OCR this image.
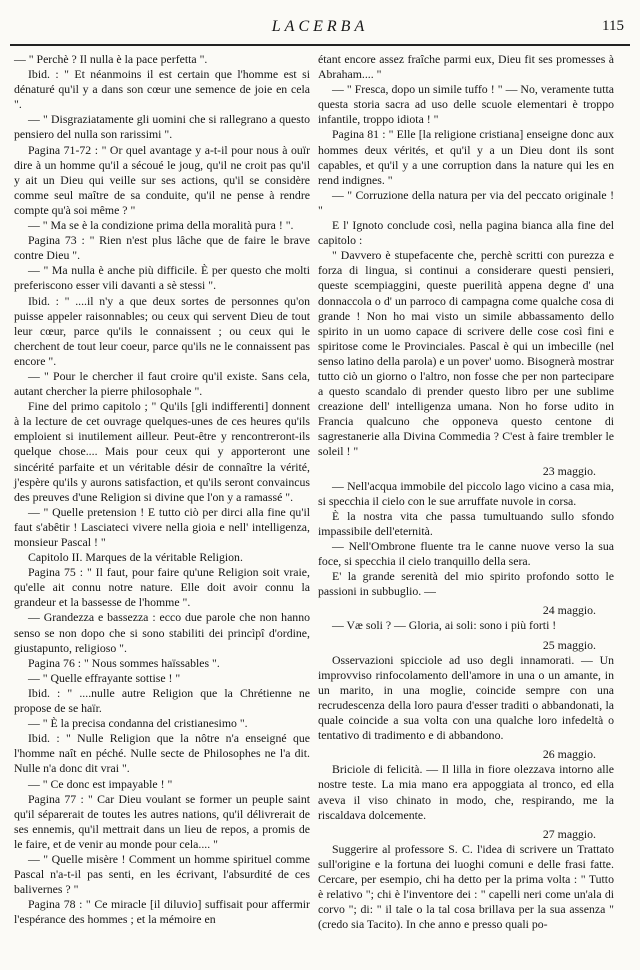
LACERBA	115

— " Perchè ? Il nulla è la pace perfetta ".

Ibid. : " Et néanmoins il est certain que l'homme est si dénaturé qu'il y a dans son cœur une semence de joie en cela ".

— " Disgraziatamente gli uomini che si rallegrano a questo pensiero del nulla son rarissimi ".

Pagina 71-72 : " Or quel avantage y a-t-il pour nous à ouïr dire à un homme qu'il a sécoué le joug, qu'il ne croit pas qu'il y ait un Dieu qui veille sur ses actions, qu'il se considère comme seul maître de sa conduite, qu'il ne pense à rendre compte qu'à soi même ? "

— " Ma se è la condizione prima della moralità pura ! ".

Pagina 73 : " Rien n'est plus lâche que de faire le brave contre Dieu ".

— " Ma nulla è anche più difficile. È per questo che molti preferiscono esser vili davanti a sè stessi ".

Ibid. : " ....il n'y a que deux sortes de personnes qu'on puisse appeler raisonnables; ou ceux qui servent Dieu de tout leur cœur, parce qu'ils le connaissent ; ou ceux qui le cherchent de tout leur coeur, parce qu'ils ne le connaissent pas encore ".

— " Pour le chercher il faut croire qu'il existe. Sans cela, autant chercher la pierre philosophale ".

Fine del primo capitolo ; " Qu'ils [gli indifferenti] donnent à la lecture de cet ouvrage quelques-unes de ces heures qu'ils emploient si inutilement ailleur. Peut-être y rencontreront-ils quelque chose.... Mais pour ceux qui y apporteront une sincérité parfaite et un véritable désir de connaître la vérité, j'espère qu'ils y aurons satisfaction, et qu'ils seront convaincus des preuves d'une Religion si divine que l'on y a ramassé ".

— " Quelle pretension ! E tutto ciò per dirci alla fine qu'il faut s'abêtir ! Lasciateci vivere nella gioia e nell' intelligenza, monsieur Pascal ! "

Capitolo II. Marques de la véritable Religion.

Pagina 75 : " Il faut, pour faire qu'une Religion soit vraie, qu'elle ait connu notre nature. Elle doit avoir connu la grandeur et la bassesse de l'homme ".

— Grandezza e bassezza : ecco due parole che non hanno senso se non dopo che si sono stabiliti dei princìpî d'ordine, giustapunto, religioso ".

Pagina 76 : " Nous sommes haïssables ".

— " Quelle effrayante sottise ! "

Ibid. : " ....nulle autre Religion que la Chrétienne ne propose de se haïr.

— " È la precisa condanna del cristianesimo ".

Ibid. : " Nulle Religion que la nôtre n'a enseigné que l'homme naît en péché. Nulle secte de Philosophes ne l'a dit. Nulle n'a donc dit vrai ".

— " Ce donc est impayable ! "

Pagina 77 : " Car Dieu voulant se former un peuple saint qu'il séparerait de toutes les autres nations, qu'il délivrerait de ses ennemis, qu'il mettrait dans un lieu de repos, a promis de le faire, et de venir au monde pour cela.... "

— " Quelle misère ! Comment un homme spirituel comme Pascal n'a-t-il pas senti, en les écrivant, l'absurdité de ces balivernes ? "

Pagina 78 : " Ce miracle [il diluvio] suffisait pour affermir l'espérance des hommes ; et la mémoire en

étant encore assez fraîche parmi eux, Dieu fit ses promesses à Abraham.... "

— " Fresca, dopo un simile tuffo ! " — No, veramente tutta questa storia sacra ad uso delle scuole elementari è troppo infantile, troppo idiota ! "

Pagina 81 : " Elle [la religione cristiana] enseigne donc aux hommes deux vérités, et qu'il y a un Dieu dont ils sont capables, et qu'il y a une corruption dans la nature qui les en rend indignes. "

— " Corruzione della natura per via del peccato originale ! "

E l' Ignoto conclude così, nella pagina bianca alla fine del capitolo :

" Davvero è stupefacente che, perchè scritti con purezza e forza di lingua, si continui a considerare questi pensieri, queste scempiaggini, queste puerilità appena degne d' una donnaccola o d' un parroco di campagna come qualche cosa di grande ! Non ho mai visto un simile abbassamento dello spirito in un uomo capace di scrivere delle cose così fini e spiritose come le Provinciales. Pascal è qui un imbecille (nel senso latino della parola) e un pover' uomo. Bisognerà mostrar tutto ciò un giorno o l'altro, non fosse che per non partecipare a questo scandalo di prender questo libro per une sublime creazione dell' intelligenza umana. Non ho forse udito in Francia qualcuno che opponeva questo centone di sagrestanerie alla Divina Commedia ? C'est à faire trembler le soleil ! "

23 maggio.

— Nell'acqua immobile del piccolo lago vicino a casa mia, si specchia il cielo con le sue arruffate nuvole in corsa.

È la nostra vita che passa tumultuando sullo sfondo impassibile dell'eternità.

— Nell'Ombrone fluente tra le canne nuove verso la sua foce, si specchia il cielo tranquillo della sera.

E' la grande serenità del mio spirito profondo sotto le passioni in subbuglio. —

24 maggio.

— Væ soli ? — Gloria, ai soli: sono i più forti !

25 maggio.

Osservazioni spicciole ad uso degli innamorati. — Un improvviso rinfocolamento dell'amore in una o un amante, in un marito, in una moglie, coincide sempre con una recrudescenza della loro paura d'esser traditi o abbandonati, la quale coincide a sua volta con una qualche loro infedeltà o tentativo di tradimento e di abbandono.

26 maggio.

Briciole di felicità. — Il lilla in fiore olezzava intorno alle nostre teste. La mia mano era appoggiata al tronco, ed ella aveva il viso chinato in modo, che, respirando, me la riscaldava dolcemente.

27 maggio.

Suggerire al professore S. C. l'idea di scrivere un Trattato sull'origine e la fortuna dei luoghi comuni e delle frasi fatte. Cercare, per esempio, chi ha detto per la prima volta : " Tutto è relativo "; chi è l'inventore dei : " capelli neri come un'ala di corvo "; di: " il tale o la tal cosa brillava per la sua assenza " (credo sia Tacito). In che anno e presso quali po-
